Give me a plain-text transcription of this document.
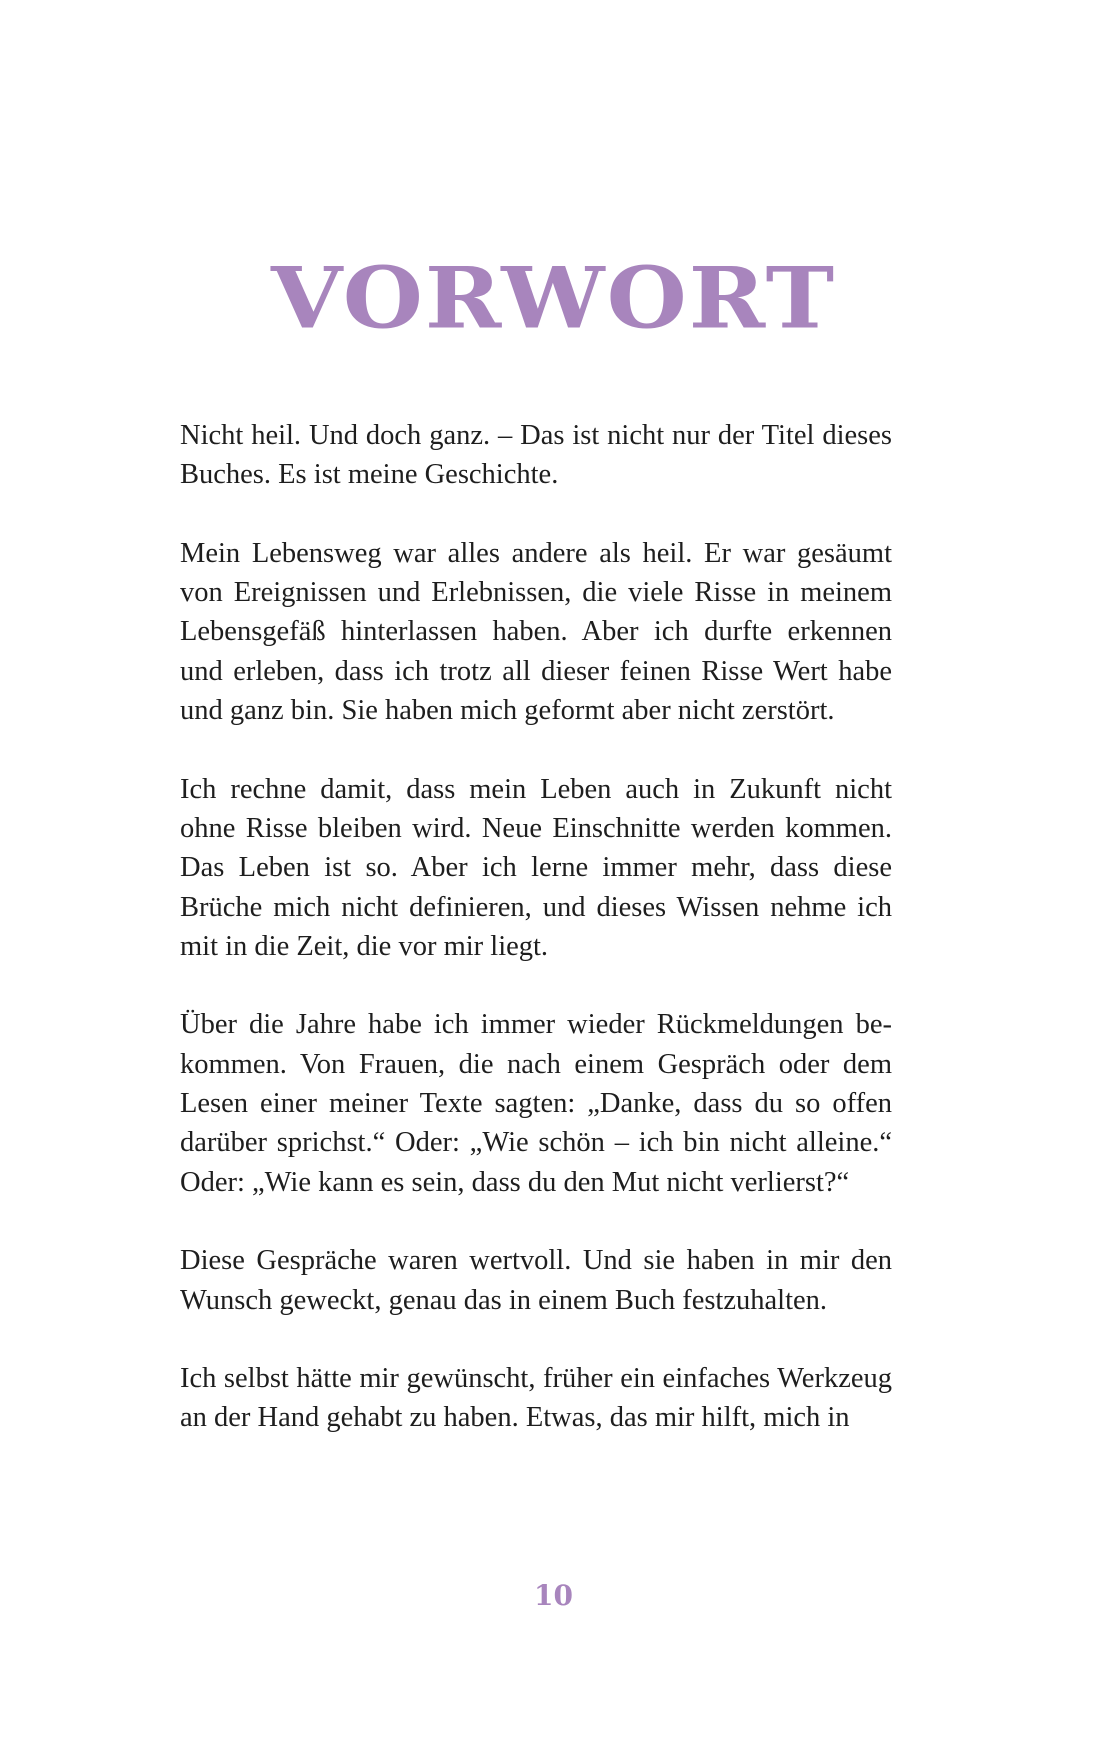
VORWORT

Nicht heil. Und doch ganz. – Das ist nicht nur der Titel dieses Buches. Es ist meine Geschichte.

Mein Lebensweg war alles andere als heil. Er war gesäumt von Ereignissen und Erlebnissen, die viele Risse in meinem Lebensgefäß hinterlassen haben. Aber ich durfte erkennen und erleben, dass ich trotz all dieser feinen Risse Wert habe und ganz bin. Sie haben mich geformt aber nicht zerstört.

Ich rechne damit, dass mein Leben auch in Zukunft nicht ohne Risse bleiben wird. Neue Einschnitte werden kommen. Das Leben ist so. Aber ich lerne immer mehr, dass diese Brüche mich nicht definieren, und dieses Wissen nehme ich mit in die Zeit, die vor mir liegt.

Über die Jahre habe ich immer wieder Rückmeldungen bekommen. Von Frauen, die nach einem Gespräch oder dem Lesen einer meiner Texte sagten: „Danke, dass du so offen darüber sprichst.“ Oder: „Wie schön – ich bin nicht alleine.“ Oder: „Wie kann es sein, dass du den Mut nicht verlierst?“

Diese Gespräche waren wertvoll. Und sie haben in mir den Wunsch geweckt, genau das in einem Buch festzuhalten.

Ich selbst hätte mir gewünscht, früher ein einfaches Werkzeug an der Hand gehabt zu haben. Etwas, das mir hilft, mich in

10
